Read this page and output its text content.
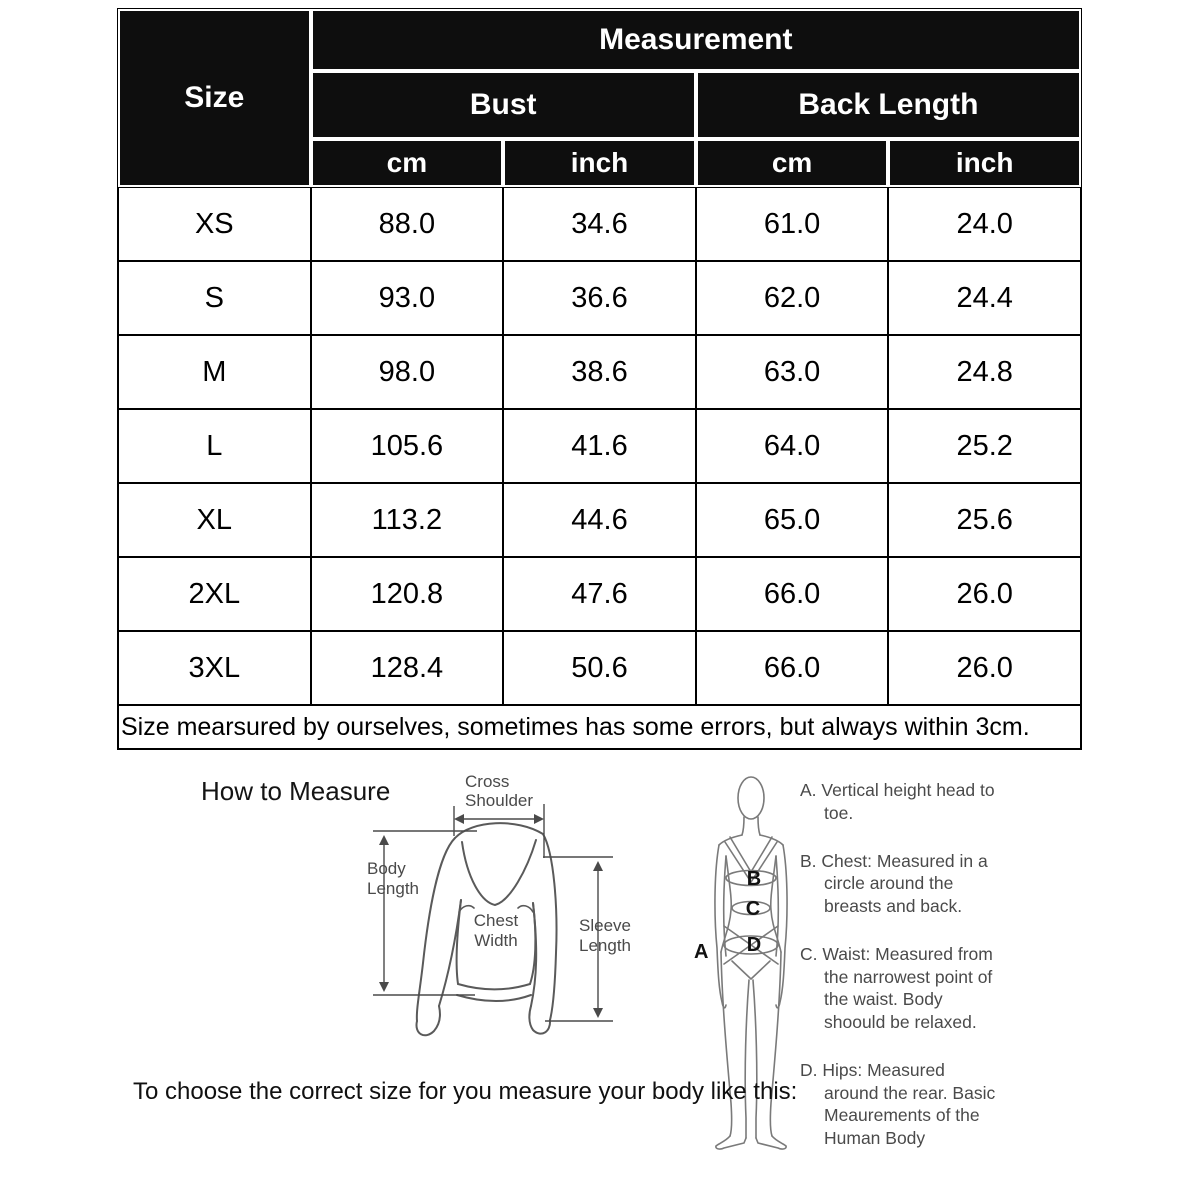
Size	Measurement			
	Bust		Back Length	
	cm	inch	cm	inch
XS	88.0	34.6	61.0	24.0
S	93.0	36.6	62.0	24.4
M	98.0	38.6	63.0	24.8
L	105.6	41.6	64.0	25.2
XL	113.2	44.6	65.0	25.6
2XL	120.8	47.6	66.0	26.0
3XL	128.4	50.6	66.0	26.0
Size mearsured by ourselves, sometimes has some errors, but always within 3cm.				
How to Measure	Cross
Shoulder
Body
Length
Chest
Width
Sleeve
Length	A
B
C
D
A. Vertical height head to toe.
B. Chest: Measured in a circle around the breasts and back.
C. Waist: Measured from the narrowest point of the waist. Body shoould be relaxed.
D. Hips: Measured around the rear. Basic Meaurements of the Human Body
To choose the correct size for you measure your body like this:
